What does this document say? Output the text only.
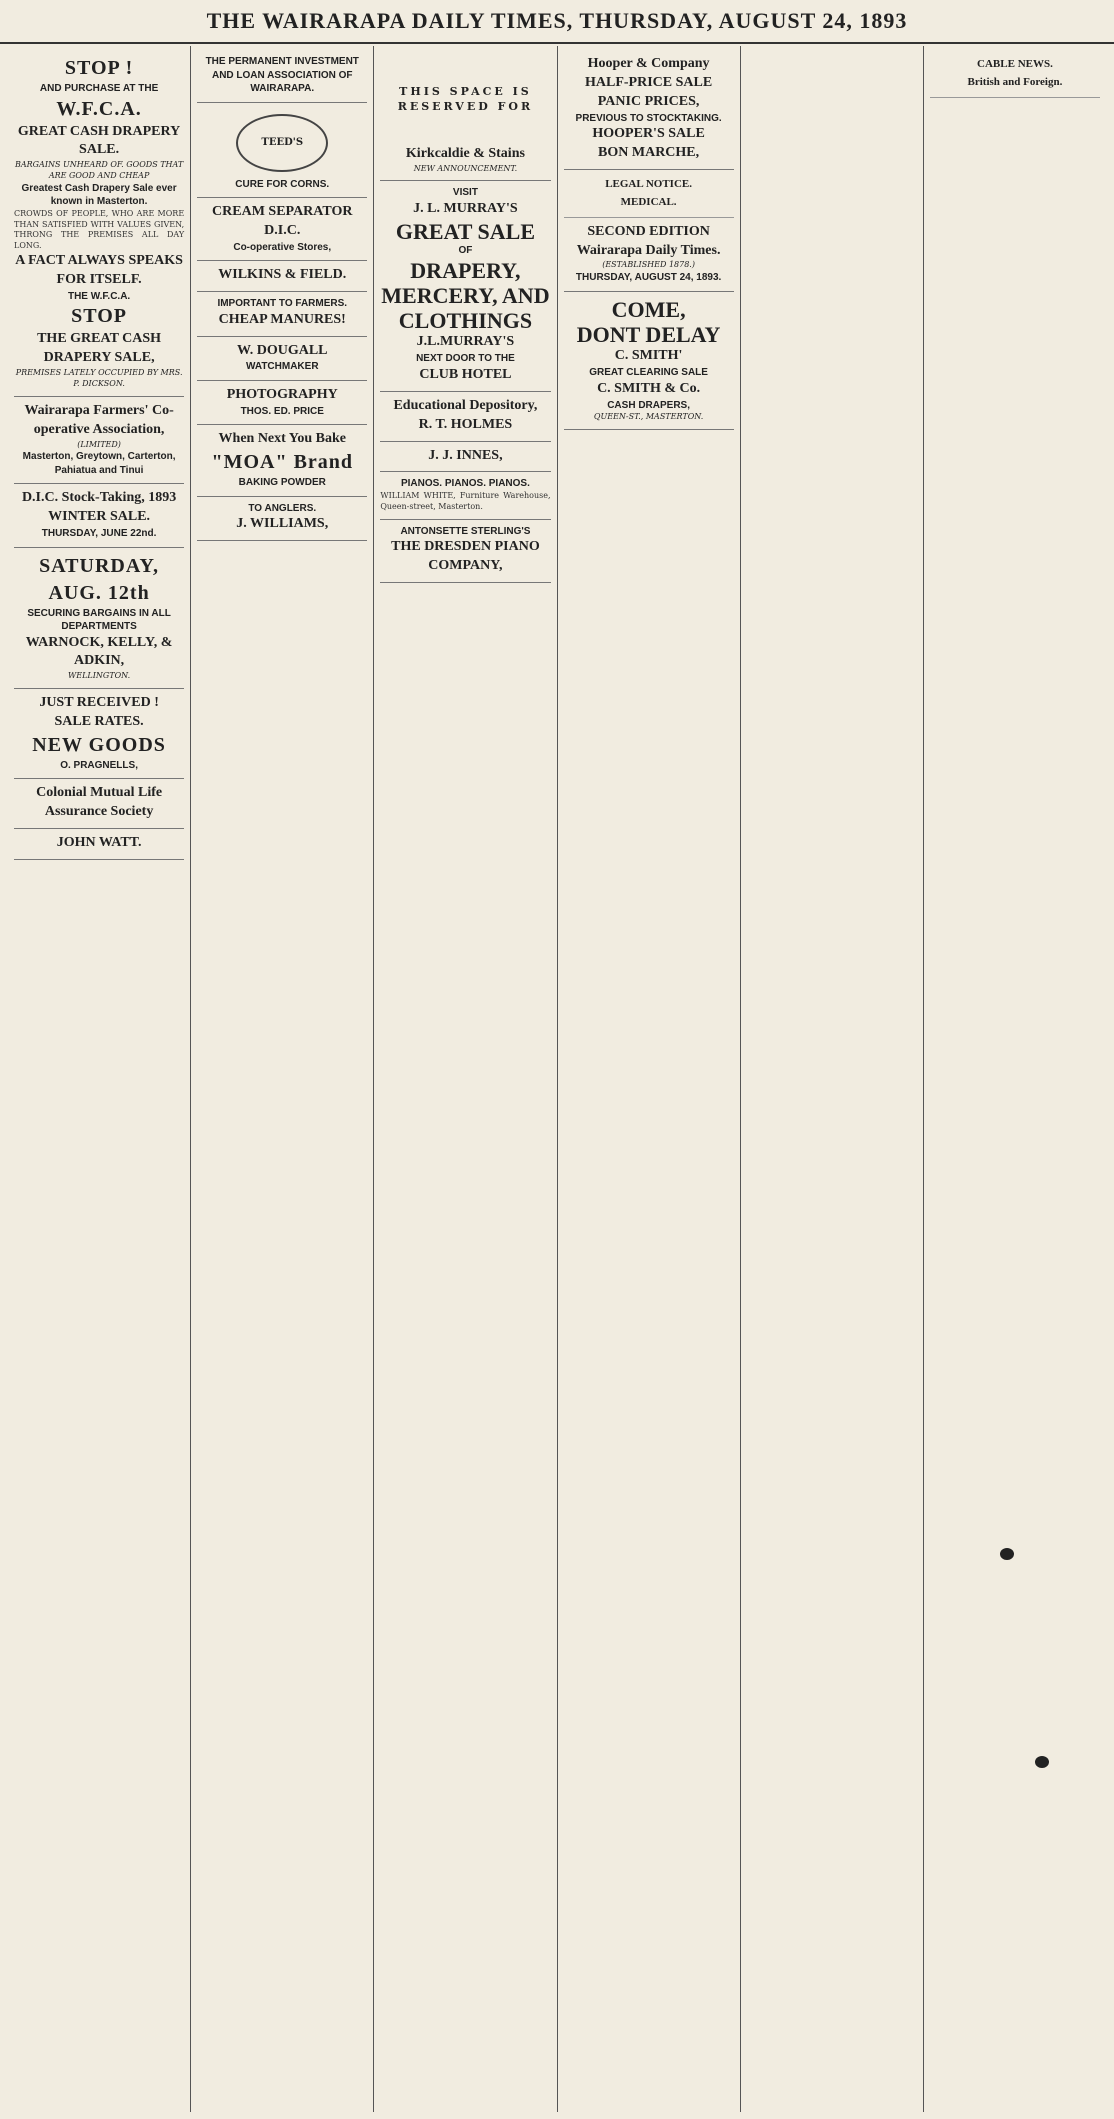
THE WAIRARAPA DAILY TIMES, THURSDAY, AUGUST 24, 1893
STOP !
AND PURCHASE AT THE
W.F.C.A.
GREAT CASH DRAPERY SALE.
BARGAINS UNHEARD OF. GOODS THAT ARE GOOD AND CHEAP
Greatest Cash Drapery Sale ever known in Masterton.
CROWDS OF PEOPLE, WHO ARE MORE THAN SATISFIED WITH VALUES GIVEN, THRONG THE PREMISES ALL DAY LONG.
A FACT ALWAYS SPEAKS FOR ITSELF.
THE W.F.C.A.
STOP
THE GREAT CASH DRAPERY SALE,
PREMISES LATELY OCCUPIED BY MRS. P. DICKSON.
Wairarapa Farmers' Co-operative Association,
(LIMITED)
Masterton, Greytown, Carterton, Pahiatua and Tinui
D.I.C. Stock-Taking, 1893
WINTER SALE.
THURSDAY, JUNE 22nd.
SATURDAY, AUG. 12th
SECURING BARGAINS IN ALL DEPARTMENTS
WARNOCK, KELLY, & ADKIN,
WELLINGTON.
JUST RECEIVED !
SALE RATES.
NEW GOODS
O. PRAGNELLS,
Colonial Mutual Life Assurance Society
JOHN WATT.
THE PERMANENT INVESTMENT AND LOAN ASSOCIATION OF WAIRARAPA.
TEED'S
CURE FOR CORNS.
CREAM SEPARATOR
D.I.C.
Co-operative Stores,
WILKINS & FIELD.
IMPORTANT TO FARMERS.
CHEAP MANURES!
W. DOUGALL
WATCHMAKER
PHOTOGRAPHY
THOS. ED. PRICE
When Next You Bake
"MOA" Brand
BAKING POWDER
TO ANGLERS.
J. WILLIAMS,
THIS SPACE IS RESERVED FOR
Kirkcaldie & Stains
NEW ANNOUNCEMENT.
VISIT
J. L. MURRAY'S
GREAT SALE
OF
DRAPERY, MERCERY, AND
CLOTHINGS
J.L.MURRAY'S
NEXT DOOR TO THE
CLUB HOTEL
Educational Depository,
R. T. HOLMES
J. J. INNES,
PIANOS. PIANOS. PIANOS.
WILLIAM WHITE, Furniture Warehouse, Queen-street, Masterton.
ANTONSETTE STERLING'S
THE DRESDEN PIANO COMPANY,
Hooper & Company
HALF-PRICE SALE
PANIC PRICES,
PREVIOUS TO STOCKTAKING.
HOOPER'S SALE
BON MARCHE,
LEGAL NOTICE.
MEDICAL.
SECOND EDITION
Wairarapa Daily Times.
(ESTABLISHED 1878.)
THURSDAY, AUGUST 24, 1893.
COME,
DONT DELAY
C. SMITH'
GREAT CLEARING SALE
C. SMITH & Co.
CASH DRAPERS,
QUEEN-ST., MASTERTON.
CABLE NEWS.
British and Foreign.
